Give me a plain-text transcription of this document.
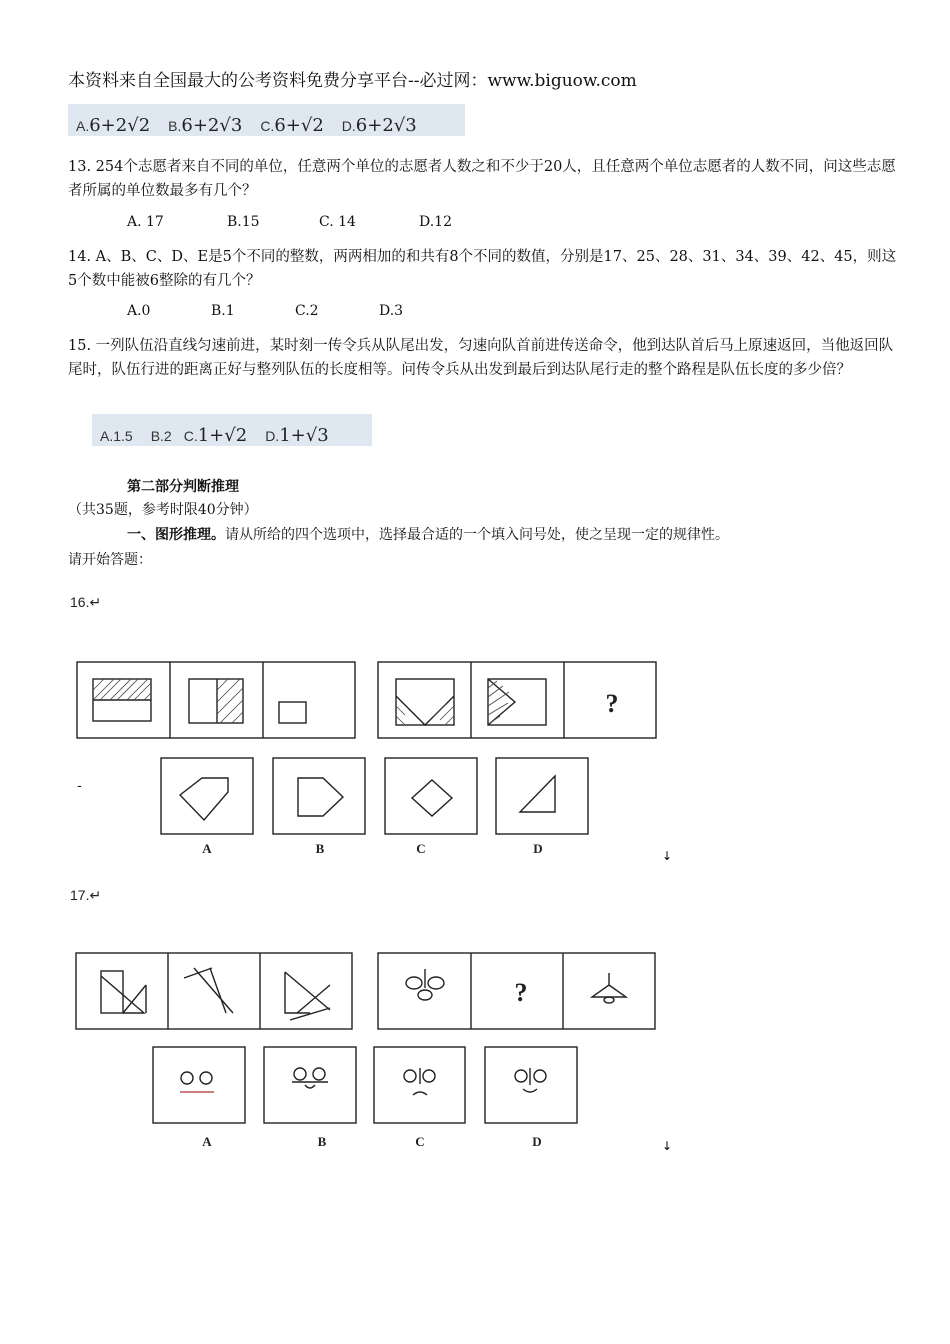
本资料来自全国最大的公考资料免费分享平台--必过网：www.biguow.com
A. 6+2√2 B. 6+2√3 C. 6+√2 D. 6+2√3
13. 254个志愿者来自不同的单位，任意两个单位的志愿者人数之和不少于20人，且任意两个单位志愿者的人数不同，问这些志愿者所属的单位数最多有几个？
A. 17	B.15	C. 14	D.12
14. A、B、C、D、E是5个不同的整数，两两相加的和共有8个不同的数值，分别是17、25、28、31、34、39、42、45，则这5个数中能被6整除的有几个？
A.0	B.1	C.2	D.3
15. 一列队伍沿直线匀速前进，某时刻一传令兵从队尾出发，匀速向队首前进传送命令，他到达队首后马上原速返回，当他返回队尾时，队伍行进的距离正好与整列队伍的长度相等。问传令兵从出发到最后到达队尾行走的整个路程是队伍长度的多少倍？
A.1.5 B.2 C. 1+√2 D. 1+√3
第二部分判断推理
（共35题，参考时限40分钟）
一、图形推理。请从所给的四个选项中，选择最合适的一个填入问号处，使之呈现一定的规律性。
请开始答题：
16.↵
?
-
A	B	C	D	↓
?
A	B	C	D	↓
17.↵
